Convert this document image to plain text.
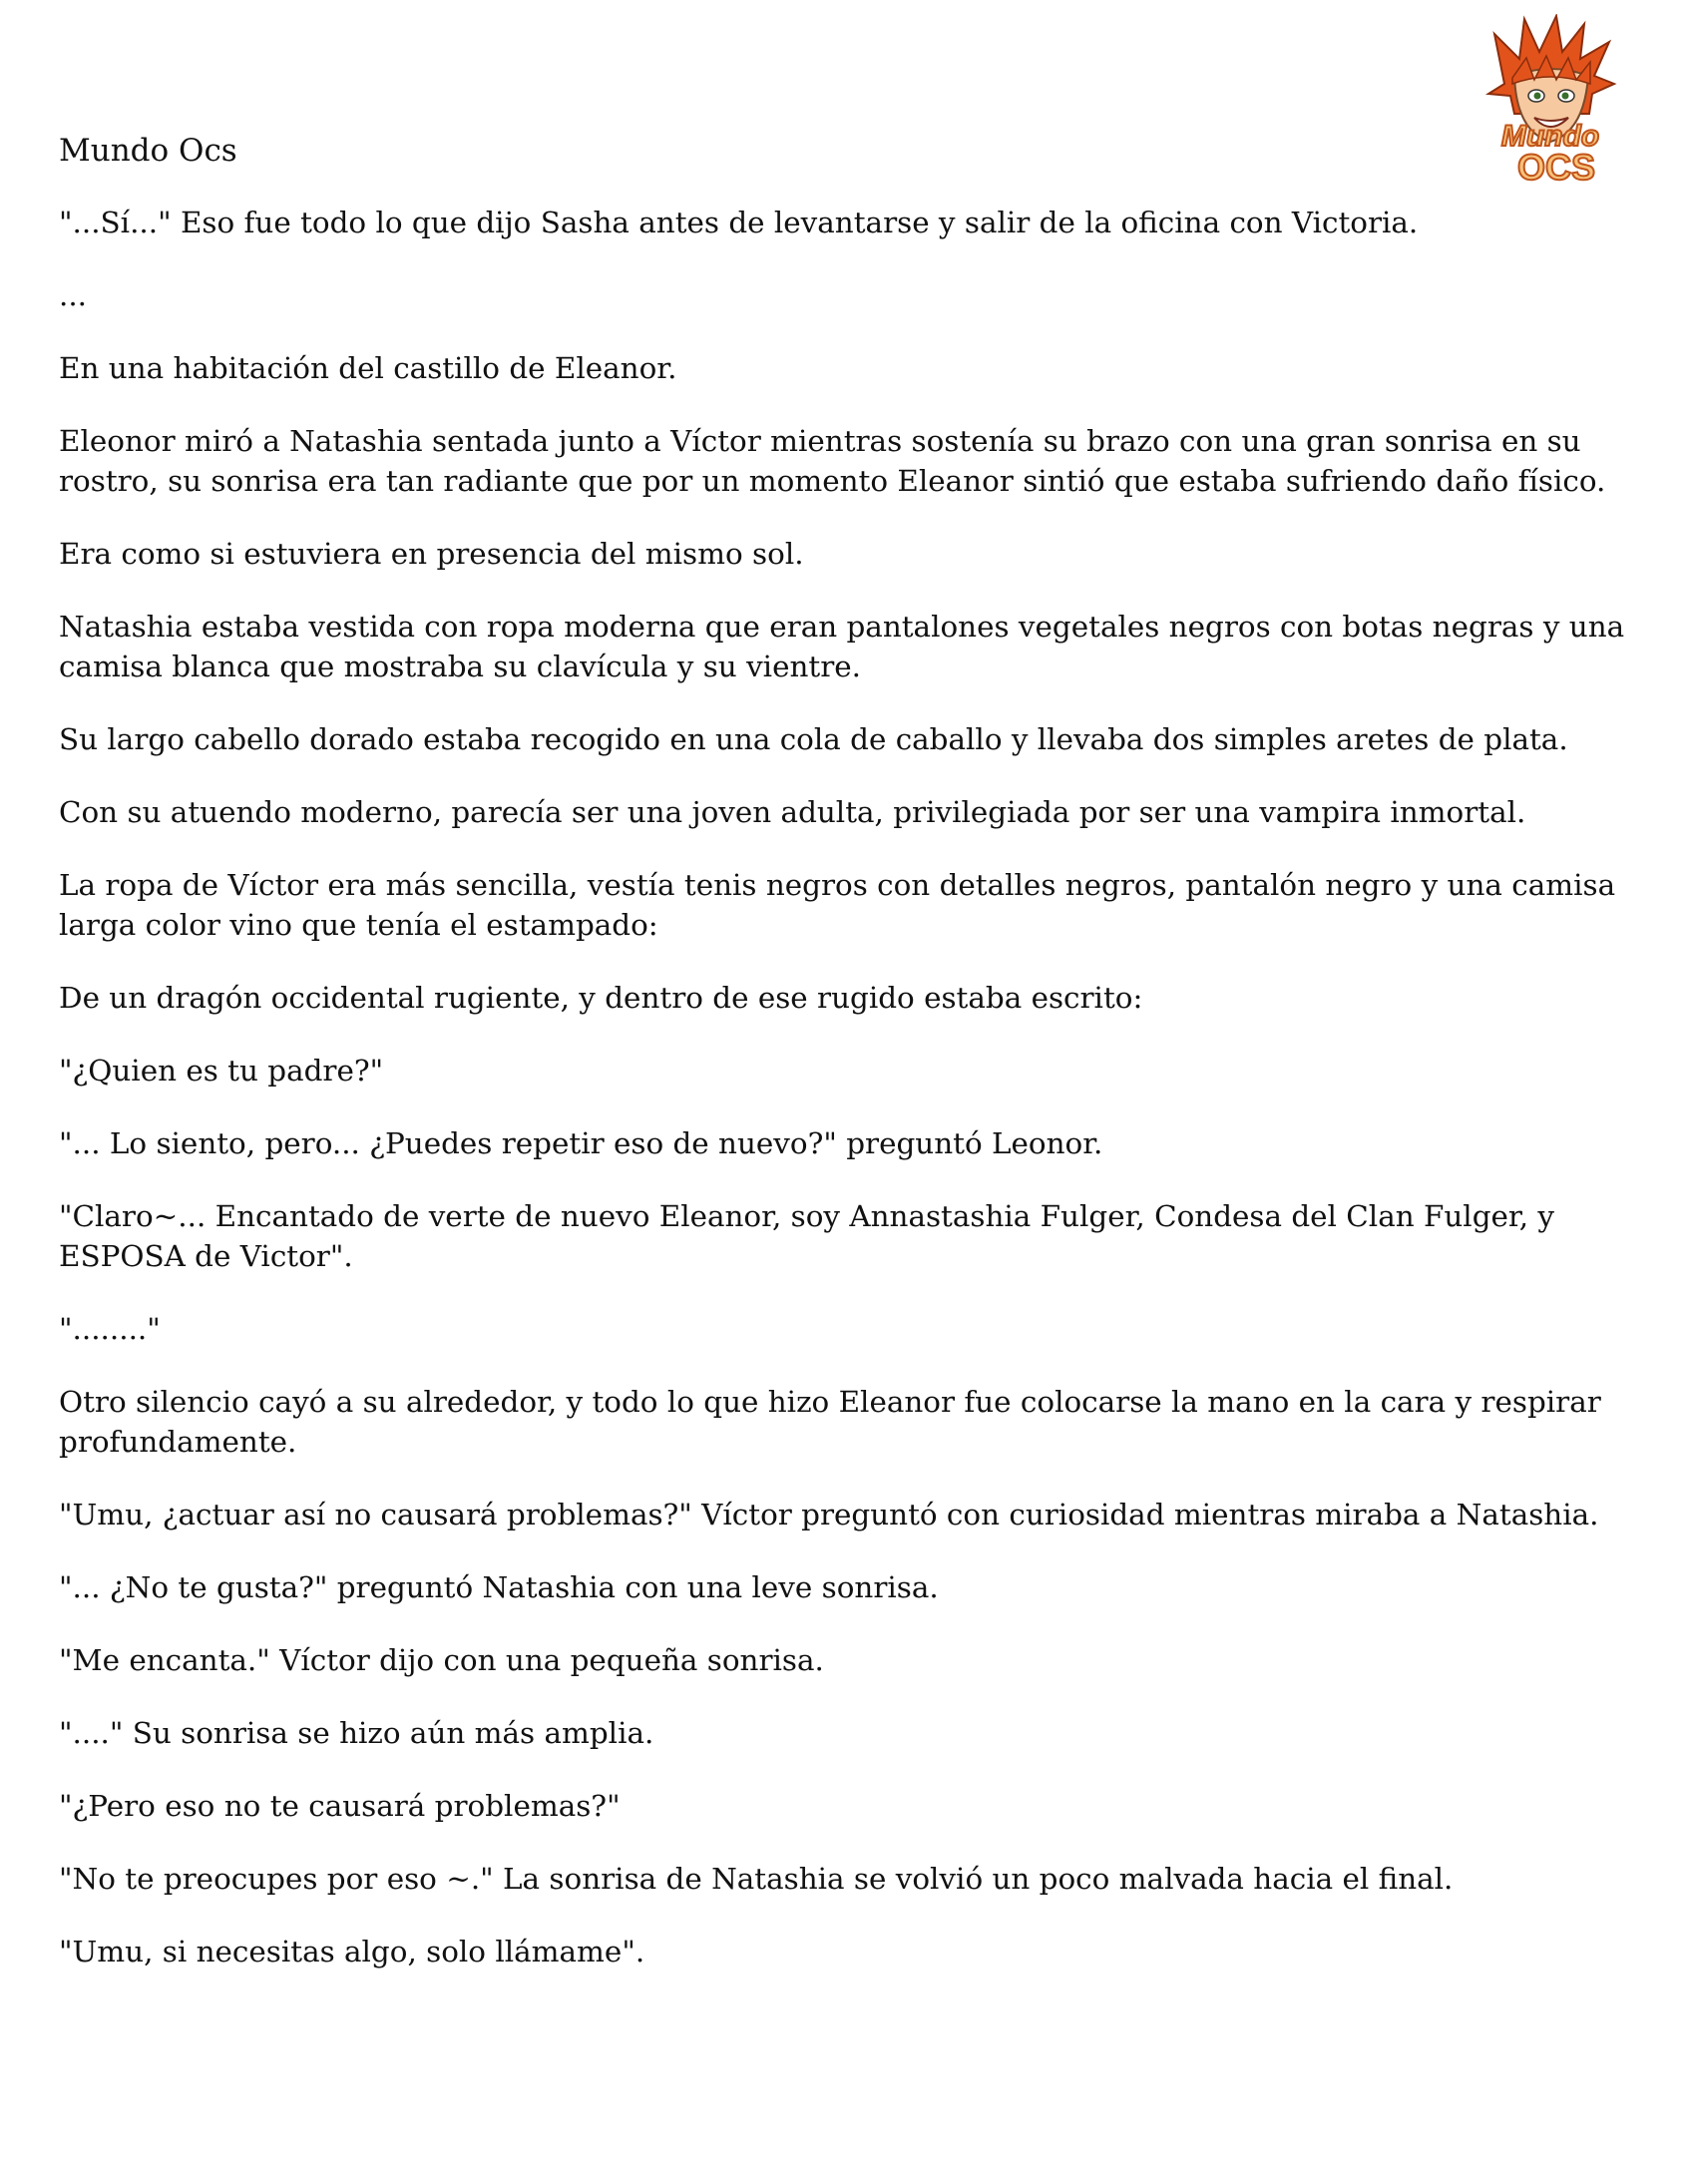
Mundo Ocs	Mundo
OCS

"...Sí..." Eso fue todo lo que dijo Sasha antes de levantarse y salir de la oficina con Victoria.

...

En una habitación del castillo de Eleanor.

Eleonor miró a Natashia sentada junto a Víctor mientras sostenía su brazo con una gran sonrisa en su rostro, su sonrisa era tan radiante que por un momento Eleanor sintió que estaba sufriendo daño físico.

Era como si estuviera en presencia del mismo sol.

Natashia estaba vestida con ropa moderna que eran pantalones vegetales negros con botas negras y una camisa blanca que mostraba su clavícula y su vientre.

Su largo cabello dorado estaba recogido en una cola de caballo y llevaba dos simples aretes de plata.

Con su atuendo moderno, parecía ser una joven adulta, privilegiada por ser una vampira inmortal.

La ropa de Víctor era más sencilla, vestía tenis negros con detalles negros, pantalón negro y una camisa larga color vino que tenía el estampado:

De un dragón occidental rugiente, y dentro de ese rugido estaba escrito:

"¿Quien es tu padre?"

"... Lo siento, pero... ¿Puedes repetir eso de nuevo?" preguntó Leonor.

"Claro~... Encantado de verte de nuevo Eleanor, soy Annastashia Fulger, Condesa del Clan Fulger, y ESPOSA de Victor".

"........"

Otro silencio cayó a su alrededor, y todo lo que hizo Eleanor fue colocarse la mano en la cara y respirar profundamente.

"Umu, ¿actuar así no causará problemas?" Víctor preguntó con curiosidad mientras miraba a Natashia.

"... ¿No te gusta?" preguntó Natashia con una leve sonrisa.

"Me encanta." Víctor dijo con una pequeña sonrisa.

"...." Su sonrisa se hizo aún más amplia.

"¿Pero eso no te causará problemas?"

"No te preocupes por eso ~." La sonrisa de Natashia se volvió un poco malvada hacia el final.

"Umu, si necesitas algo, solo llámame".
